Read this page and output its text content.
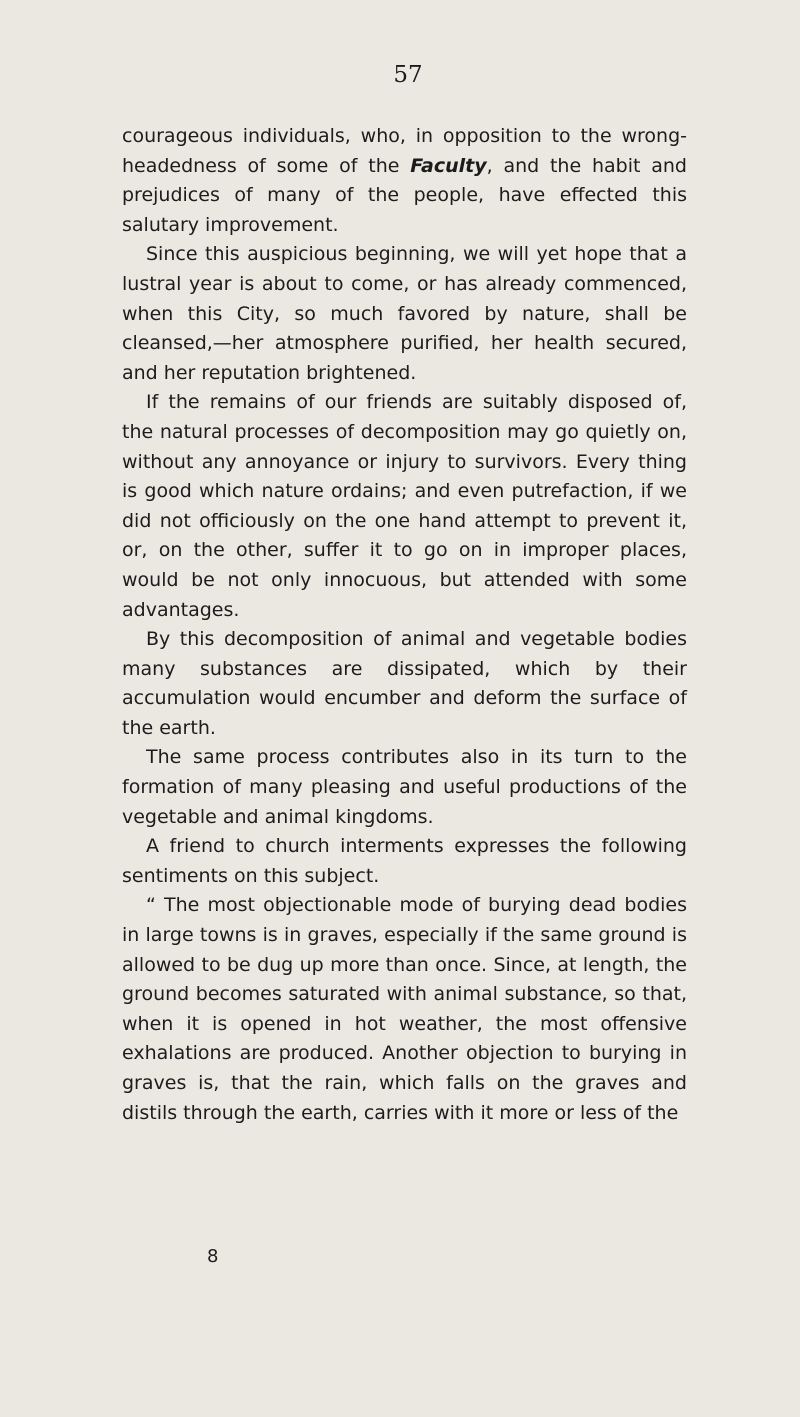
57

courageous individuals, who, in opposition to the wrong-headedness of some of the Faculty, and the habit and prejudices of many of the people, have effected this salutary improvement.

Since this auspicious beginning, we will yet hope that a lustral year is about to come, or has already commenced, when this City, so much favored by nature, shall be cleansed,—her atmosphere purified, her health secured, and her reputation brightened.

If the remains of our friends are suitably disposed of, the natural processes of decomposition may go quietly on, without any annoyance or injury to survivors. Every thing is good which nature ordains; and even putrefaction, if we did not officiously on the one hand attempt to prevent it, or, on the other, suffer it to go on in improper places, would be not only innocuous, but attended with some advantages.

By this decomposition of animal and vegetable bodies many substances are dissipated, which by their accumulation would encumber and deform the surface of the earth.

The same process contributes also in its turn to the formation of many pleasing and useful productions of the vegetable and animal kingdoms.

A friend to church interments expresses the following sentiments on this subject.

“ The most objectionable mode of burying dead bodies in large towns is in graves, especially if the same ground is allowed to be dug up more than once. Since, at length, the ground becomes saturated with animal substance, so that, when it is opened in hot weather, the most offensive exhalations are produced. Another objection to burying in graves is, that the rain, which falls on the graves and distils through the earth, carries with it more or less of the

8
